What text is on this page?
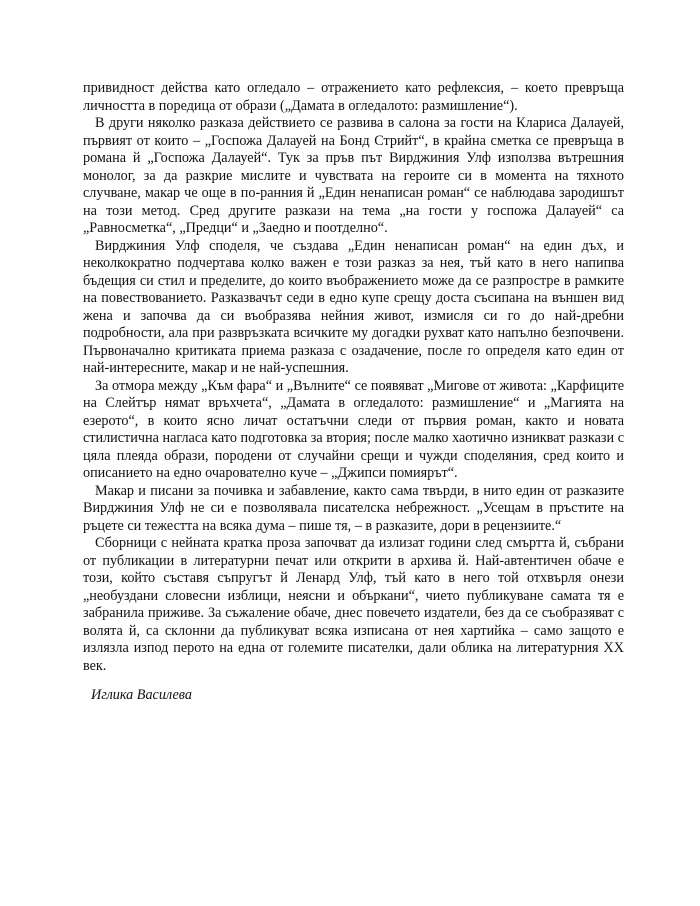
привидност действа като огледало – отражението като рефлексия, – което превръща личността в поредица от образи („Дамата в огледалото: размишление“).

В други няколко разказа действието се развива в салона за гости на Клариса Далауей, първият от които – „Госпожа Далауей на Бонд Стрийт“, в крайна сметка се превръща в романа й „Госпожа Далауей“. Тук за пръв път Вирджиния Улф използва вътрешния монолог, за да разкрие мислите и чувствата на героите си в момента на тяхното случване, макар че още в по-ранния й „Един ненаписан роман“ се наблюдава зародишът на този метод. Сред другите разкази на тема „на гости у госпожа Далауей“ са „Равносметка“, „Предци“ и „Заедно и поотделно“.

Вирджиния Улф споделя, че създава „Един ненаписан роман“ на един дъх, и неколкократно подчертава колко важен е този разказ за нея, тъй като в него напипва бъдещия си стил и пределите, до които въображението може да се разпростре в рамките на повествованието. Разказвачът седи в едно купе срещу доста съсипана на външен вид жена и започва да си въобразява нейния живот, измисля си го до най-дребни подробности, ала при развръзката всичките му догадки рухват като напълно безпочвени. Първоначално критиката приема разказа с озадачение, после го определя като един от най-интересните, макар и не най-успешния.

За отмора между „Към фара“ и „Вълните“ се появяват „Мигове от живота: „Карфиците на Слейтър нямат връхчета“, „Дамата в огледалото: размишление“ и „Магията на езерото“, в които ясно личат остатъчни следи от първия роман, както и новата стилистична нагласа като подготовка за втория; после малко хаотично изникват разкази с цяла плеяда образи, породени от случайни срещи и чужди споделяния, сред които и описанието на едно очароватeлно куче – „Джипси помиярът“.

Макар и писани за почивка и забавление, както сама твърди, в нито един от разказите Вирджиния Улф не си е позволявала писателска небрежност. „Усещам в пръстите на ръцете си тежестта на всяка дума – пише тя, – в разказите, дори в рецензиите.“

Сборници с нейната кратка проза започват да излизат години след смъртта й, събрани от публикации в литературни печат или открити в архива й. Най-автентичен обаче е този, който съставя съпругът й Ленард Улф, тъй като в него той отхвърля онези „необуздани словесни изблици, неясни и объркани“, чието публикуване самата тя е забранила приживе. За съжаление обаче, днес повечето издатели, без да се съобразяват с волята й, са склонни да публикуват всяка изписана от нея хартийка – само защото е излязла изпод перото на една от големите писателки, дали облика на литературния ХХ век.

Иглика Василева
